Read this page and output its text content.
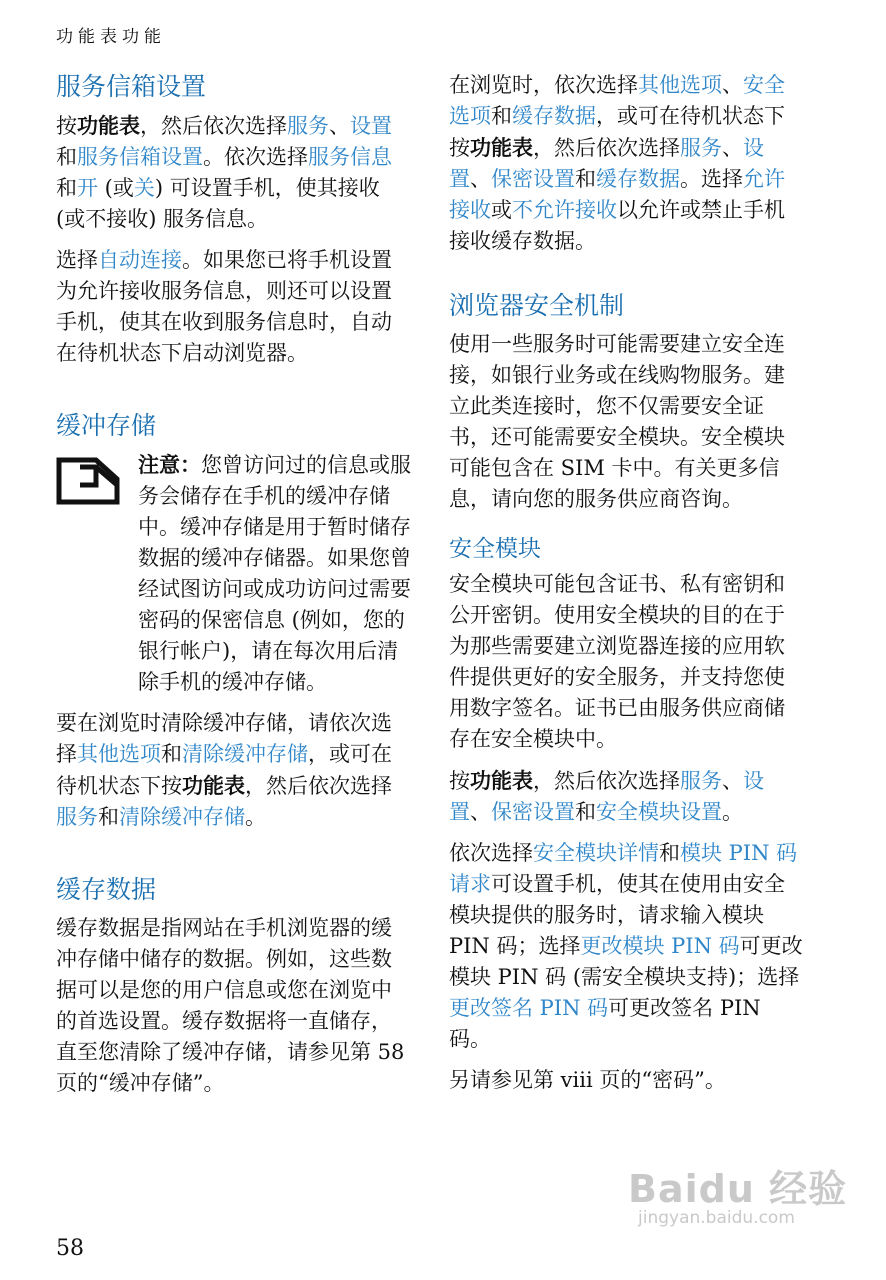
功能表功能
服务信箱设置

按功能表，然后依次选择服务、设置和服务信箱设置。依次选择服务信息和开 (或关) 可设置手机，使其接收 (或不接收) 服务信息。

选择自动连接。如果您已将手机设置为允许接收服务信息，则还可以设置手机，使其在收到服务信息时，自动在待机状态下启动浏览器。

缓冲存储

注意：您曾访问过的信息或服务会储存在手机的缓冲存储中。缓冲存储是用于暂时储存数据的缓冲存储器。如果您曾经试图访问或成功访问过需要密码的保密信息 (例如，您的银行帐户)，请在每次用后清除手机的缓冲存储。

要在浏览时清除缓冲存储，请依次选择其他选项和清除缓冲存储，或可在待机状态下按功能表，然后依次选择服务和清除缓冲存储。

缓存数据

缓存数据是指网站在手机浏览器的缓冲存储中储存的数据。例如，这些数据可以是您的用户信息或您在浏览中的首选设置。缓存数据将一直储存，直至您清除了缓冲存储，请参见第 58 页的“缓冲存储”。

在浏览时，依次选择其他选项、安全选项和缓存数据，或可在待机状态下按功能表，然后依次选择服务、设置、保密设置和缓存数据。选择允许接收或不允许接收以允许或禁止手机接收缓存数据。

浏览器安全机制

使用一些服务时可能需要建立安全连接，如银行业务或在线购物服务。建立此类连接时，您不仅需要安全证书，还可能需要安全模块。安全模块可能包含在 SIM 卡中。有关更多信息，请向您的服务供应商咨询。

安全模块

安全模块可能包含证书、私有密钥和公开密钥。使用安全模块的目的在于为那些需要建立浏览器连接的应用软件提供更好的安全服务，并支持您使用数字签名。证书已由服务供应商储存在安全模块中。

按功能表，然后依次选择服务、设置、保密设置和安全模块设置。

依次选择安全模块详情和模块 PIN 码请求可设置手机，使其在使用由安全模块提供的服务时，请求输入模块 PIN 码；选择更改模块 PIN 码可更改模块 PIN 码 (需安全模块支持)；选择更改签名 PIN 码可更改签名 PIN 码。

另请参见第 viii 页的“密码”。

58
Baidu 经验
jingyan.baidu.com
